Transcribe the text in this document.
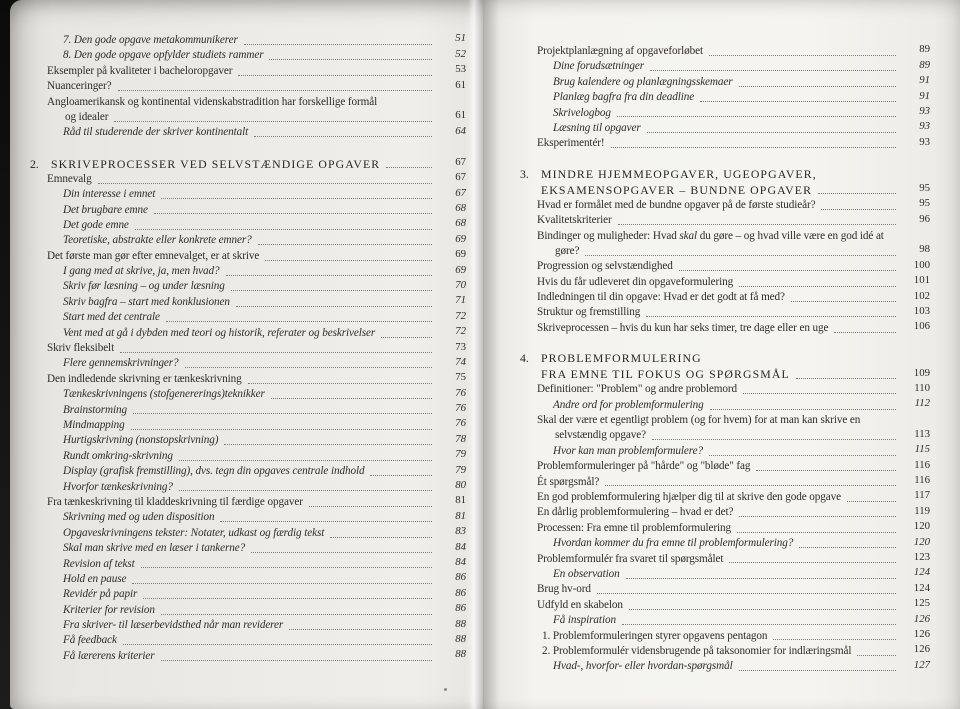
7. Den gode opgave metakommunikerer	51
8. Den gode opgave opfylder studiets rammer	52
Eksempler på kvaliteter i bacheloropgaver	53
Nuanceringer?	61
Angloamerikansk og kontinental videnskabstradition har forskellige formål
og idealer	61
Råd til studerende der skriver kontinentalt	64
2.	SKRIVEPROCESSER VED SELVSTÆNDIGE OPGAVER	67
Emnevalg	67
Din interesse i emnet	67
Det brugbare emne	68
Det gode emne	68
Teoretiske, abstrakte eller konkrete emner?	69
Det første man gør efter emnevalget, er at skrive	69
I gang med at skrive, ja, men hvad?	69
Skriv før læsning – og under læsning	70
Skriv bagfra – start med konklusionen	71
Start med det centrale	72
Vent med at gå i dybden med teori og historik, referater og beskrivelser	72
Skriv fleksibelt	73
Flere gennemskrivninger?	74
Den indledende skrivning er tænkeskrivning	75
Tænkeskrivningens (stofgenererings)teknikker	76
Brainstorming	76
Mindmapping	76
Hurtigskrivning (nonstopskrivning)	78
Rundt omkring-skrivning	79
Display (grafisk fremstilling), dvs. tegn din opgaves centrale indhold	79
Hvorfor tænkeskrivning?	80
Fra tænkeskrivning til kladdeskrivning til færdige opgaver	81
Skrivning med og uden disposition	81
Opgaveskrivningens tekster: Notater, udkast og færdig tekst	83
Skal man skrive med en læser i tankerne?	84
Revision af tekst	84
Hold en pause	86
Revidér på papir	86
Kriterier for revision	86
Fra skriver- til læserbevidsthed når man reviderer	88
Få feedback	88
Få lærerens kriterier	88
Projektplanlægning af opgaveforløbet	89
Dine forudsætninger	89
Brug kalendere og planlægningsskemaer	91
Planlæg bagfra fra din deadline	91
Skrivelogbog	93
Læsning til opgaver	93
Eksperimentér!	93
3.	MINDRE HJEMMEOPGAVER, UGEOPGAVER,
EKSAMENSOPGAVER – BUNDNE OPGAVER	95
Hvad er formålet med de bundne opgaver på de første studieår?	95
Kvalitetskriterier	96
Bindinger og muligheder: Hvad skal du gøre – og hvad ville være en god idé at
gøre?	98
Progression og selvstændighed	100
Hvis du får udleveret din opgaveformulering	101
Indledningen til din opgave: Hvad er det godt at få med?	102
Struktur og fremstilling	103
Skriveprocessen – hvis du kun har seks timer, tre dage eller en uge	106
4.	PROBLEMFORMULERING
FRA EMNE TIL FOKUS OG SPØRGSMÅL	109
Definitioner: "Problem" og andre problemord	110
Andre ord for problemformulering	112
Skal der være et egentligt problem (og for hvem) for at man kan skrive en
selvstændig opgave?	113
Hvor kan man problemformulere?	115
Problemformuleringer på "hårde" og "bløde" fag	116
Ét spørgsmål?	116
En god problemformulering hjælper dig til at skrive den gode opgave	117
En dårlig problemformulering – hvad er det?	119
Processen: Fra emne til problemformulering	120
Hvordan kommer du fra emne til problemformulering?	120
Problemformulér fra svaret til spørgsmålet	123
En observation	124
Brug hv-ord	124
Udfyld en skabelon	125
Få inspiration	126
1. Problemformuleringen styrer opgavens pentagon	126
2. Problemformulér vidensbrugende på taksonomier for indlæringsmål	126
Hvad-, hvorfor- eller hvordan-spørgsmål	127
